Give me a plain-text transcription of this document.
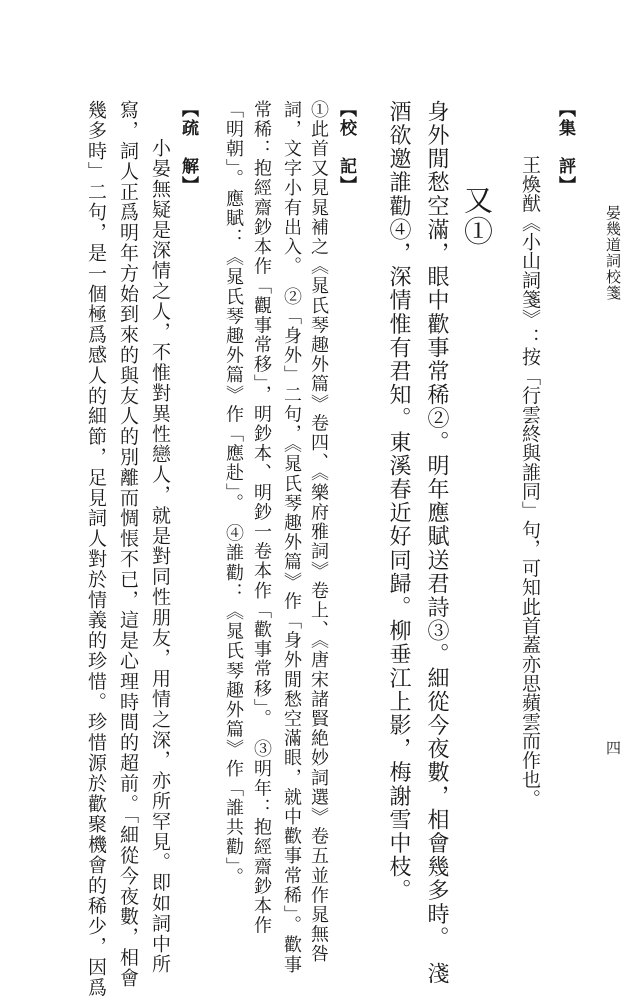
晏幾道詞校箋
四
【集　評】
王煥猷《小山詞箋》：按「行雲終與誰同」句，可知此首蓋亦思蘋雲而作也。
又①
身外閒愁空滿，眼中歡事常稀②。明年應賦送君詩③。細從今夜數，相會幾多時。　淺
酒欲邀誰勸④，深情惟有君知。東溪春近好同歸。柳垂江上影，梅謝雪中枝。
【校　記】
①此首又見晁補之《晁氏琴趣外篇》卷四、《樂府雅詞》卷上、《唐宋諸賢絶妙詞選》卷五並作晁無咎
詞，文字小有出入。　②「身外」二句，《晁氏琴趣外篇》作「身外閒愁空滿眼，就中歡事常稀」。歡事
常稀：抱經齋鈔本作「觀事常移」，明鈔本、明鈔一卷本作「歡事常移」。　③明年：抱經齋鈔本作
「明朝」。應賦：《晁氏琴趣外篇》作「應赴」。　④誰勸：《晁氏琴趣外篇》作「誰共勸」。
【疏　解】
小晏無疑是深情之人，不惟對異性戀人，就是對同性朋友，用情之深，亦所罕見。即如詞中所
寫，詞人正爲明年方始到來的與友人的別離而惆悵不已，這是心理時間的超前。「細從今夜數，相會
幾多時」二句，是一個極爲感人的細節，足見詞人對於情義的珍惜。珍惜源於歡聚機會的稀少，因爲
